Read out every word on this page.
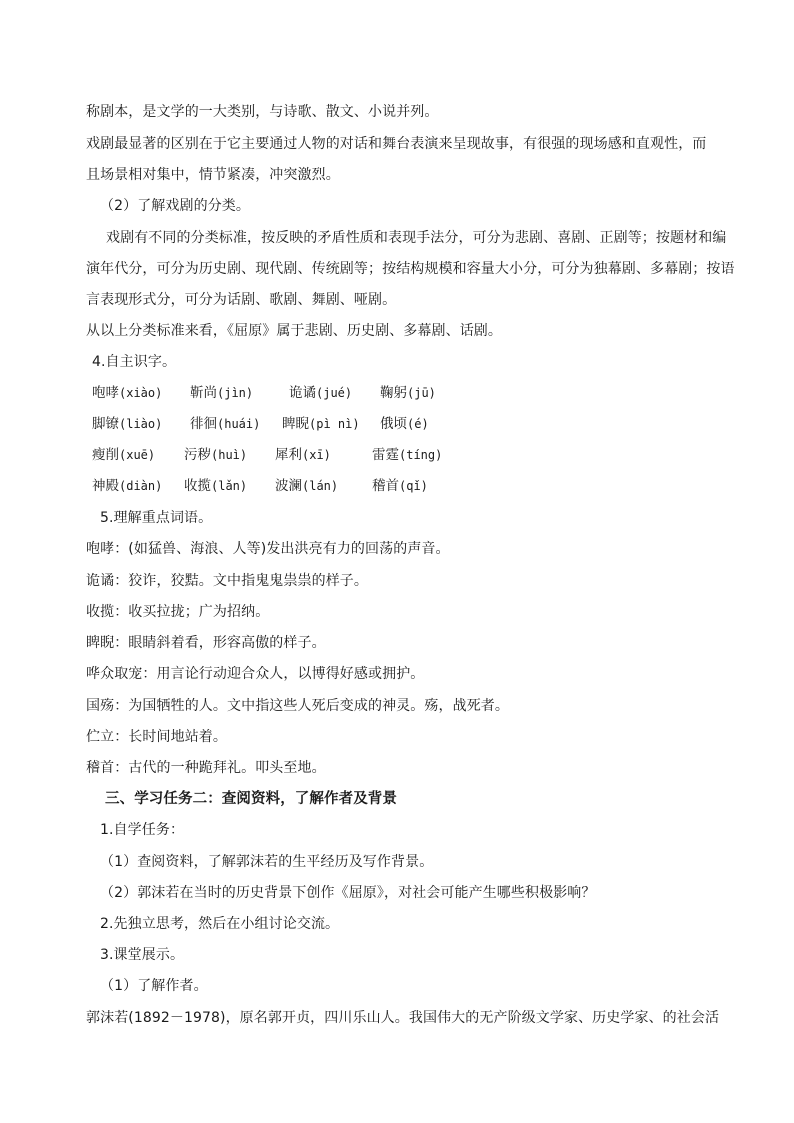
称剧本，是文学的一大类别，与诗歌、散文、小说并列。
戏剧最显著的区别在于它主要通过人物的对话和舞台表演来呈现故事，有很强的现场感和直观性，而
且场景相对集中，情节紧凑，冲突激烈。
（2）了解戏剧的分类。
戏剧有不同的分类标准，按反映的矛盾性质和表现手法分，可分为悲剧、喜剧、正剧等；按题材和编
演年代分，可分为历史剧、现代剧、传统剧等；按结构规模和容量大小分，可分为独幕剧、多幕剧；按语
言表现形式分，可分为话剧、歌剧、舞剧、哑剧。
从以上分类标准来看，《屈原》属于悲剧、历史剧、多幕剧、话剧。
4.自主识字。
咆哮(xiào) 靳尚(jìn)	诡谲(jué) 鞠躬(jū)
脚镣(liào) 徘徊(huái) 睥睨(pì nì) 俄顷(é)
瘦削(xuē) 污秽(huì) 犀利(xī)	雷霆(tíng)
神殿(diàn) 收揽(lǎn) 波澜(lán)	稽首(qǐ)
5.理解重点词语。
咆哮：(如猛兽、海浪、人等)发出洪亮有力的回荡的声音。
诡谲：狡诈，狡黠。文中指鬼鬼祟祟的样子。
收揽：收买拉拢；广为招纳。
睥睨：眼睛斜着看，形容高傲的样子。
哗众取宠：用言论行动迎合众人，以博得好感或拥护。
国殇：为国牺牲的人。文中指这些人死后变成的神灵。殇，战死者。
伫立：长时间地站着。
稽首：古代的一种跪拜礼。叩头至地。
三、学习任务二：查阅资料，了解作者及背景
1.自学任务：
（1）查阅资料，了解郭沫若的生平经历及写作背景。
（2）郭沫若在当时的历史背景下创作《屈原》，对社会可能产生哪些积极影响？
2.先独立思考，然后在小组讨论交流。
3.课堂展示。
（1）了解作者。
郭沫若(1892－1978)，原名郭开贞，四川乐山人。我国伟大的无产阶级文学家、历史学家、的社会活
